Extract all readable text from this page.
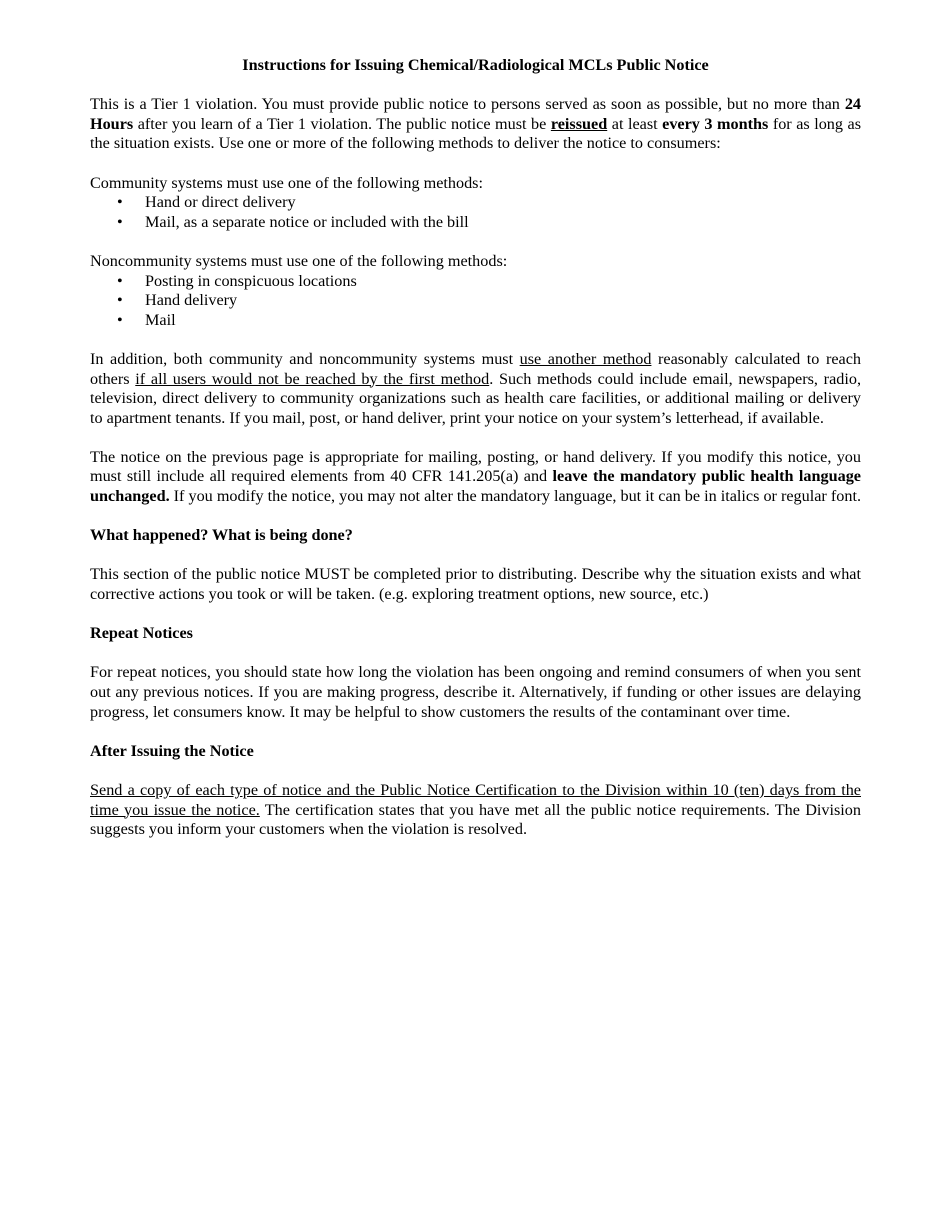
Instructions for Issuing Chemical/Radiological MCLs Public Notice

This is a Tier 1 violation. You must provide public notice to persons served as soon as possible, but no more than 24 Hours after you learn of a Tier 1 violation. The public notice must be reissued at least every 3 months for as long as the situation exists. Use one or more of the following methods to deliver the notice to consumers:

Community systems must use one of the following methods:
• Hand or direct delivery
• Mail, as a separate notice or included with the bill
Noncommunity systems must use one of the following methods:
• Posting in conspicuous locations
• Hand delivery
• Mail

In addition, both community and noncommunity systems must use another method reasonably calculated to reach others if all users would not be reached by the first method. Such methods could include email, newspapers, radio, television, direct delivery to community organizations such as health care facilities, or additional mailing or delivery to apartment tenants. If you mail, post, or hand deliver, print your notice on your system’s letterhead, if available.

The notice on the previous page is appropriate for mailing, posting, or hand delivery. If you modify this notice, you must still include all required elements from 40 CFR 141.205(a) and leave the mandatory public health language unchanged. If you modify the notice, you may not alter the mandatory language, but it can be in italics or regular font.

What happened? What is being done?

This section of the public notice MUST be completed prior to distributing. Describe why the situation exists and what corrective actions you took or will be taken. (e.g. exploring treatment options, new source, etc.)

Repeat Notices

For repeat notices, you should state how long the violation has been ongoing and remind consumers of when you sent out any previous notices. If you are making progress, describe it. Alternatively, if funding or other issues are delaying progress, let consumers know. It may be helpful to show customers the results of the contaminant over time.

After Issuing the Notice

Send a copy of each type of notice and the Public Notice Certification to the Division within 10 (ten) days from the time you issue the notice. The certification states that you have met all the public notice requirements. The Division suggests you inform your customers when the violation is resolved.
